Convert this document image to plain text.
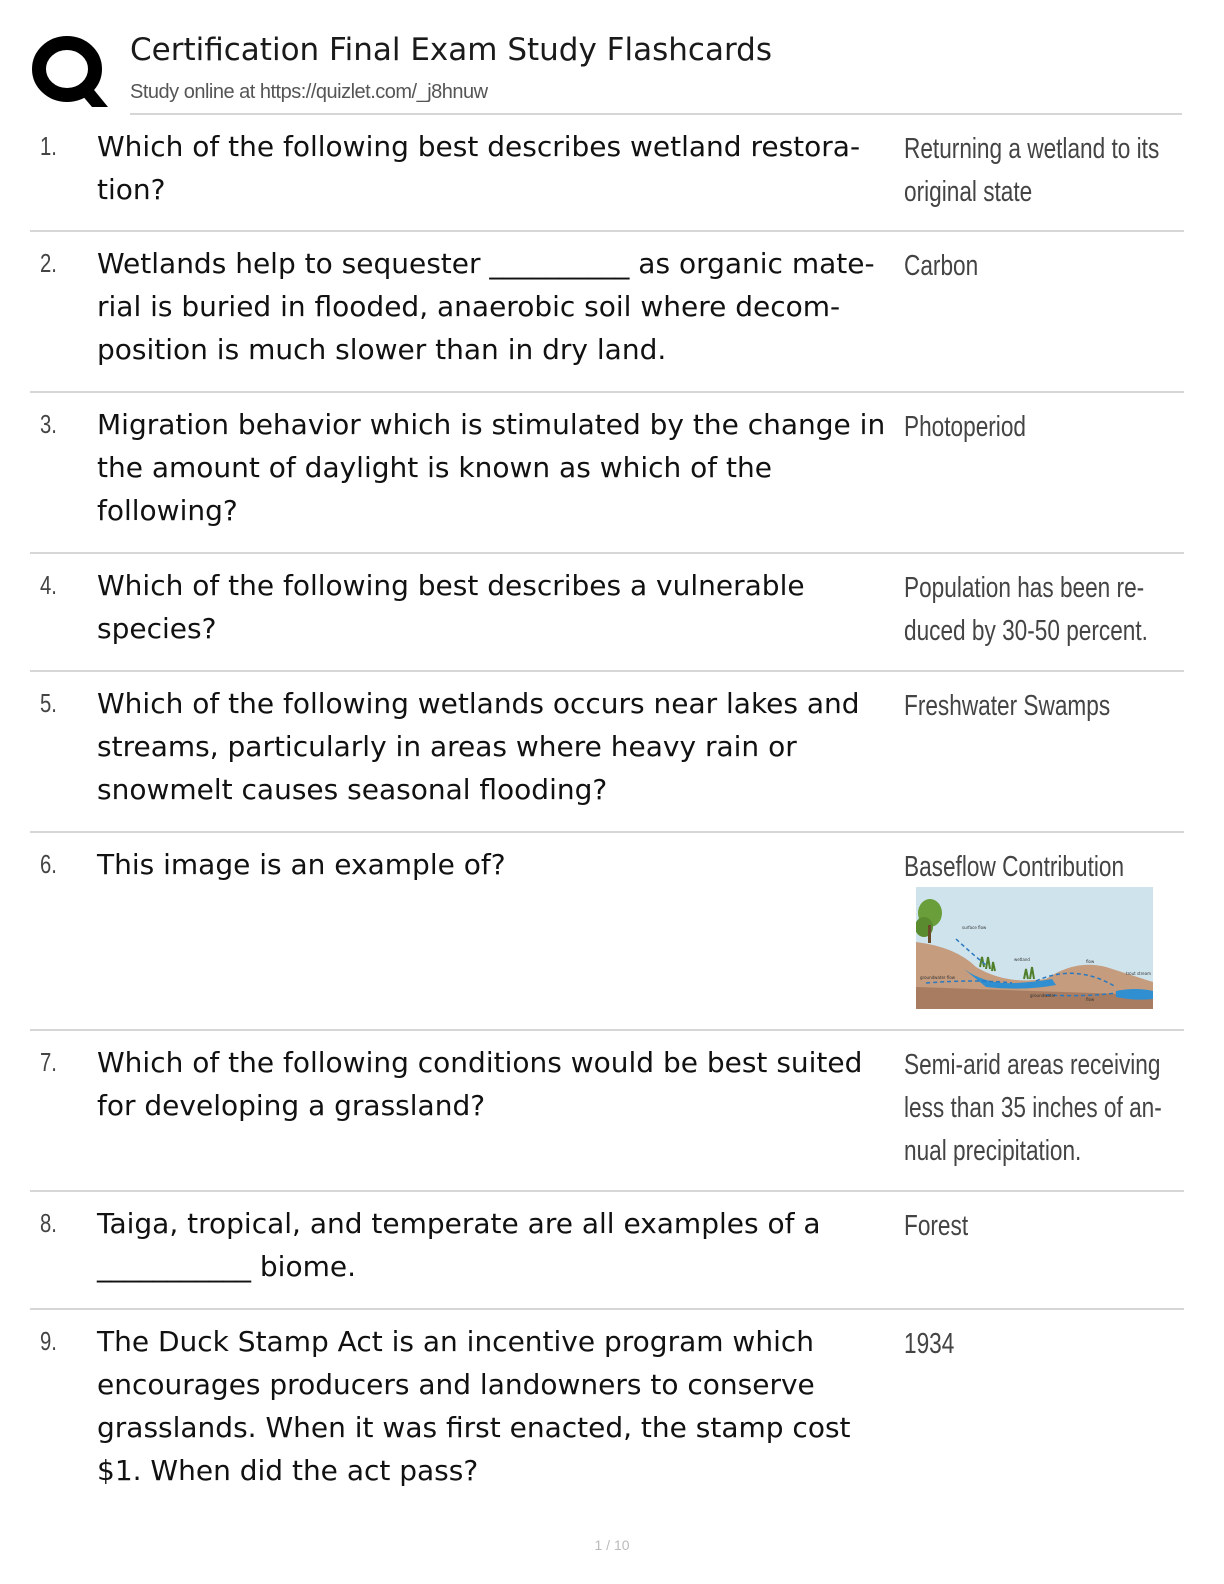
Certification Final Exam Study Flashcards
Study online at https://quizlet.com/_j8hnuw
1. Which of the following best describes wetland restora- tion?
Returning a wetland to its original state
2. Wetlands help to sequester __________ as organic mate- rial is buried in flooded, anaerobic soil where decom- position is much slower than in dry land.
Carbon
3. Migration behavior which is stimulated by the change in the amount of daylight is known as which of the following?
Photoperiod
4. Which of the following best describes a vulnerable species?
Population has been re- duced by 30-50 percent.
5. Which of the following wetlands occurs near lakes and streams, particularly in areas where heavy rain or snowmelt causes seasonal flooding?
Freshwater Swamps
6. This image is an example of?	Baseflow Contribution
surface flow
wetland	flow
trout stream
groundwater flow
groundwater
flow
7. Which of the following conditions would be best suited for developing a grassland?
Semi-arid areas receiving less than 35 inches of an- nual precipitation.
8. Taiga, tropical, and temperate are all examples of a ___________ biome.
Forest
9. The Duck Stamp Act is an incentive program which encourages producers and landowners to conserve grasslands. When it was first enacted, the stamp cost $1. When did the act pass?
1934
1 / 10
